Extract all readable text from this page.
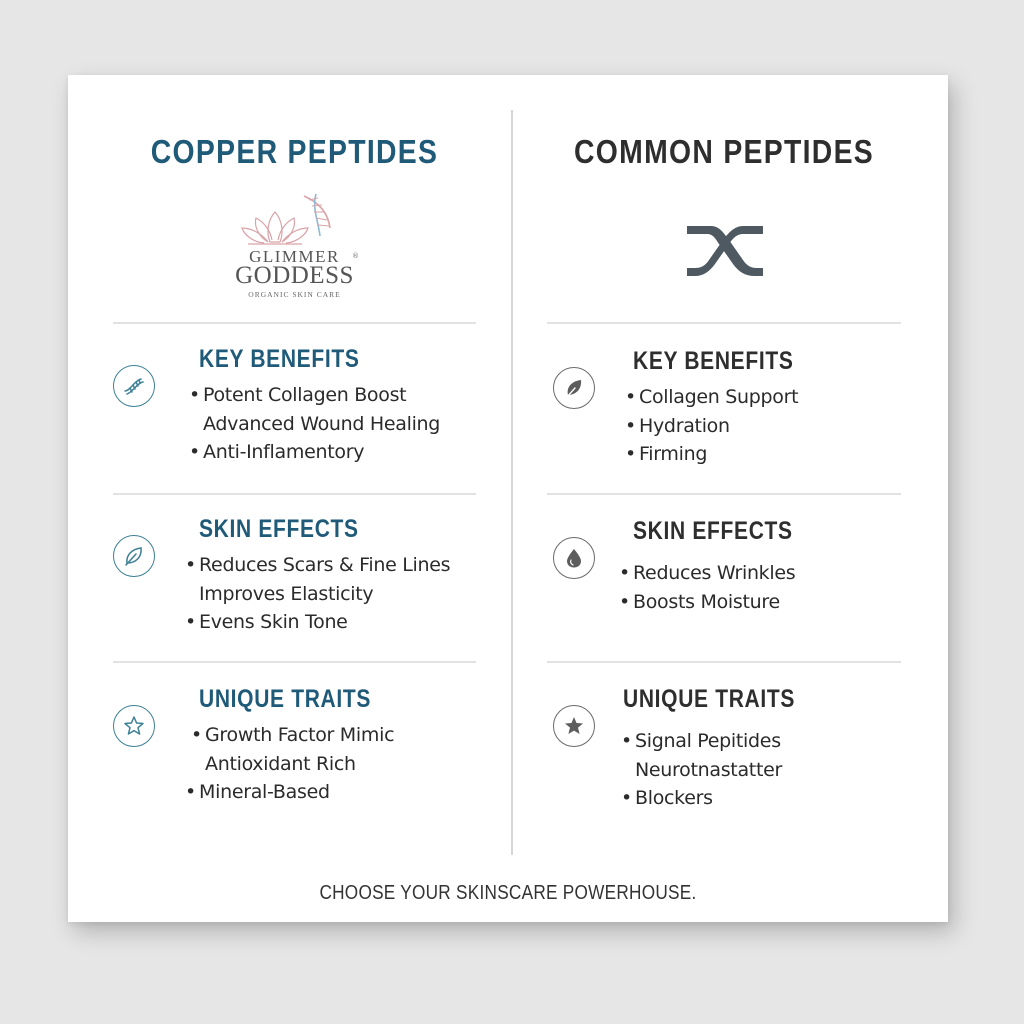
COPPER PEPTIDES
GLIMMER
GODDESS
®
ORGANIC SKIN CARE
KEY BENEFITS
• Potent Collagen Boost
Advanced Wound Healing
• Anti-Inflamentory
SKIN EFFECTS
• Reduces Scars & Fine Lines
Improves Elasticity
• Evens Skin Tone
UNIQUE TRAITS
• Growth Factor Mimic
Antioxidant Rich
• Mineral-Based
COMMON PEPTIDES
KEY BENEFITS
• Collagen Support
• Hydration
• Firming
SKIN EFFECTS
• Reduces Wrinkles
• Boosts Moisture
UNIQUE TRAITS
• Signal Pepitides
Neurotnastatter
• Blockers
CHOOSE YOUR SKINSCARE POWERHOUSE.
